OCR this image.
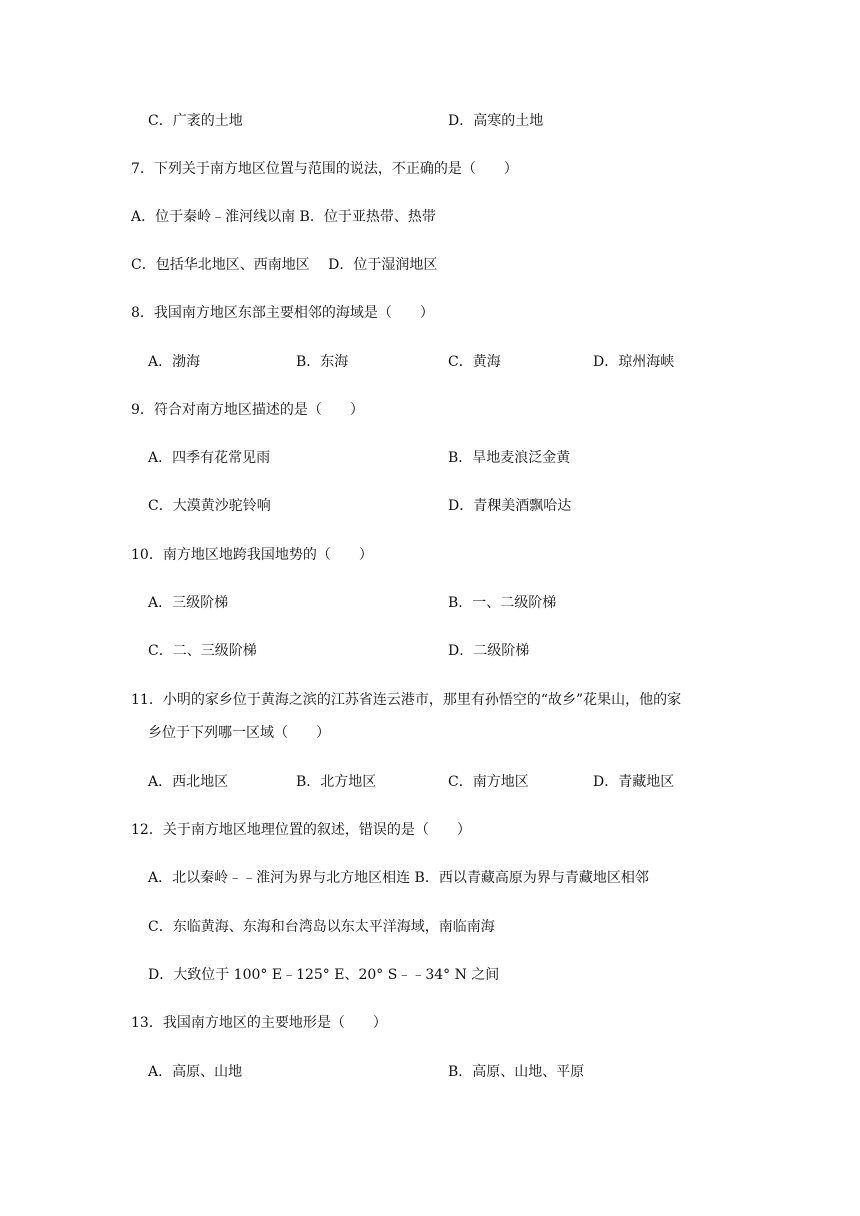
C．广袤的土地	D．高寒的土地
7．下列关于南方地区位置与范围的说法，不正确的是（　　）
A．位于秦岭﹣淮河线以南 B．位于亚热带、热带
C．包括华北地区、西南地区　 D．位于湿润地区
8．我国南方地区东部主要相邻的海域是（　　）
A．渤海	B．东海	C．黄海	D．琼州海峡
9．符合对南方地区描述的是（　　）
A．四季有花常见雨	B．旱地麦浪泛金黄
C．大漠黄沙驼铃响	D．青稞美酒飘哈达
10．南方地区地跨我国地势的（　　）
A．三级阶梯	B．一、二级阶梯
C．二、三级阶梯	D．二级阶梯
11．小明的家乡位于黄海之滨的江苏省连云港市，那里有孙悟空的“故乡”花果山，他的家
乡位于下列哪一区域（　　）
A．西北地区	B．北方地区	C．南方地区	D．青藏地区
12．关于南方地区地理位置的叙述，错误的是（　　）
A．北以秦岭﹣﹣淮河为界与北方地区相连 B．西以青藏高原为界与青藏地区相邻
C．东临黄海、东海和台湾岛以东太平洋海域，南临南海
D．大致位于 100° E﹣125° E、20° S﹣﹣34° N 之间
13．我国南方地区的主要地形是（　　）
A．高原、山地	B．高原、山地、平原
